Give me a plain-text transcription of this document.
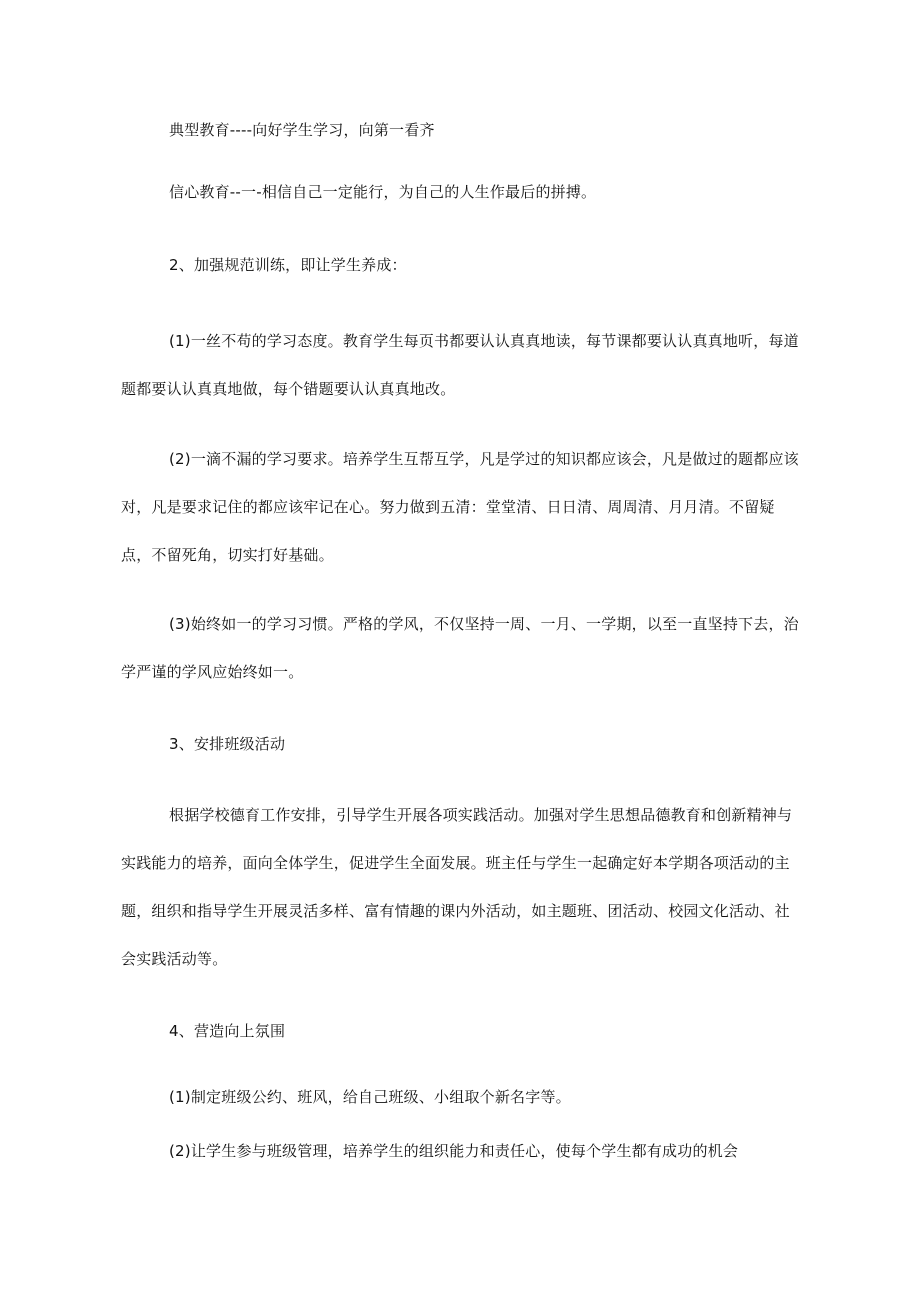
典型教育----向好学生学习，向第一看齐

信心教育--一-相信自己一定能行，为自己的人生作最后的拼搏。

2、加强规范训练，即让学生养成：

(1)一丝不苟的学习态度。教育学生每页书都要认认真真地读，每节课都要认认真真地听，每道题都要认认真真地做，每个错题要认认真真地改。

(2)一滴不漏的学习要求。培养学生互帮互学，凡是学过的知识都应该会，凡是做过的题都应该对，凡是要求记住的都应该牢记在心。努力做到五清：堂堂清、日日清、周周清、月月清。不留疑点，不留死角，切实打好基础。

(3)始终如一的学习习惯。严格的学风，不仅坚持一周、一月、一学期，以至一直坚持下去，治学严谨的学风应始终如一。

3、安排班级活动

根据学校德育工作安排，引导学生开展各项实践活动。加强对学生思想品德教育和创新精神与实践能力的培养，面向全体学生，促进学生全面发展。班主任与学生一起确定好本学期各项活动的主题，组织和指导学生开展灵活多样、富有情趣的课内外活动，如主题班、团活动、校园文化活动、社会实践活动等。

4、营造向上氛围

(1)制定班级公约、班风，给自己班级、小组取个新名字等。

(2)让学生参与班级管理，培养学生的组织能力和责任心，使每个学生都有成功的机会
